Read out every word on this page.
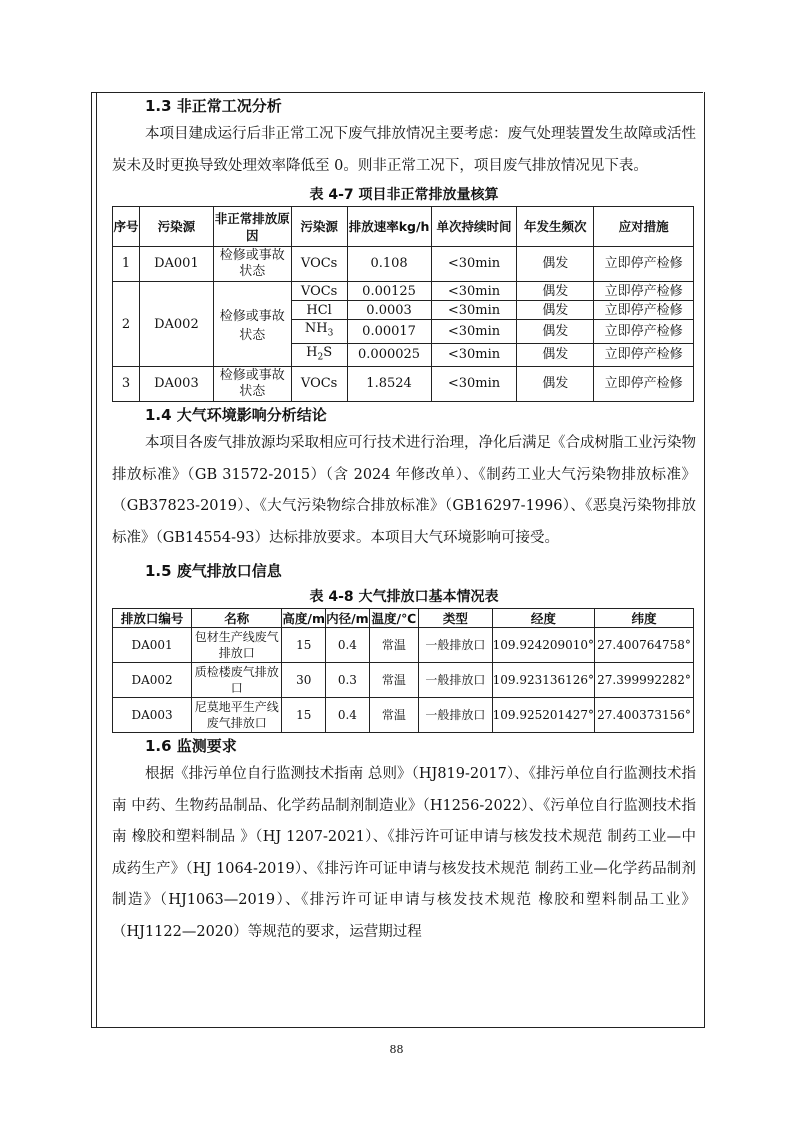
1.3 非正常工况分析

本项目建成运行后非正常工况下废气排放情况主要考虑：废气处理装置发生故障或活性炭未及时更换导致处理效率降低至 0。则非正常工况下，项目废气排放情况见下表。

表 4-7 项目非正常排放量核算
序号	污染源	非正常排放原因	污染源	排放速率kg/h	单次持续时间	年发生频次	应对措施
1	DA001	检修或事故状态	VOCs	0.108	<30min	偶发	立即停产检修
2	DA002	检修或事故状态	VOCs	0.00125	<30min	偶发	立即停产检修
			HCl	0.0003	<30min	偶发	立即停产检修
			$NH_3$	0.00017	<30min	偶发	立即停产检修
			$H_2S$	0.000025	<30min	偶发	立即停产检修
3	DA003	检修或事故状态	VOCs	1.8524	<30min	偶发	立即停产检修
1.4 大气环境影响分析结论

本项目各废气排放源均采取相应可行技术进行治理，净化后满足《合成树脂工业污染物排放标准》（GB 31572-2015）（含 2024 年修改单）、《制药工业大气污染物排放标准》（GB37823-2019）、《大气污染物综合排放标准》（GB16297-1996）、《恶臭污染物排放标准》（GB14554-93）达标排放要求。本项目大气环境影响可接受。

1.5 废气排放口信息
表 4-8 大气排放口基本情况表
排放口编号	名称	高度/m	内径/m	温度/℃	类型	经度	纬度
DA001	包材生产线废气排放口	15	0.4	常温	一般排放口	109.924209010°	27.400764758°
DA002	质检楼废气排放口	30	0.3	常温	一般排放口	109.923136126°	27.399992282°
DA003	尼莫地平生产线废气排放口	15	0.4	常温	一般排放口	109.925201427°	27.400373156°
1.6 监测要求

根据《排污单位自行监测技术指南 总则》（HJ819-2017）、《排污单位自行监测技术指南 中药、生物药品制品、化学药品制剂制造业》（H1256-2022）、《污单位自行监测技术指南 橡胶和塑料制品 》（HJ 1207-2021）、《排污许可证申请与核发技术规范 制药工业—中成药生产》（HJ 1064-2019）、《排污许可证申请与核发技术规范 制药工业—化学药品制剂制造》（HJ1063—2019）、《排污许可证申请与核发技术规范 橡胶和塑料制品工业》（HJ1122—2020）等规范的要求，运营期过程

88
